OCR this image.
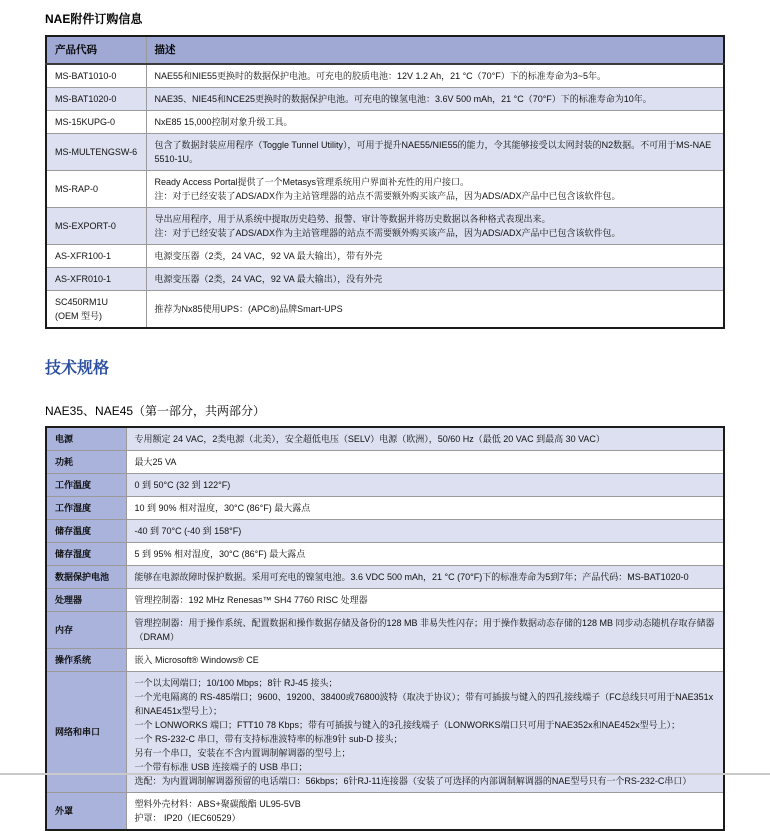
NAE附件订购信息
产品代码	描述
MS-BAT1010-0	NAE55和NIE55更换时的数据保护电池。可充电的胶质电池：12V 1.2 Ah，21 °C（70°F）下的标准寿命为3~5年。

MS-BAT1020-0	NAE35、NIE45和NCE25更换时的数据保护电池。可充电的镍氢电池：3.6V 500 mAh，21 °C（70°F）下的标准寿命为10年。

MS-15KUPG-0	NxE85 15,000控制对象升级工具。

MS-MULTENGSW-6	包含了数据封装应用程序（Toggle Tunnel Utility），可用于提升NAE55/NIE55的能力，令其能够接受以太网封装的N2数据。不可用于MS-NAE5510-1U。

MS-RAP-0	Ready Access Portal提供了一个Metasys管理系统用户界面补充性的用户接口。
注：对于已经安装了ADS/ADX作为主站管理器的站点不需要额外购买该产品，因为ADS/ADX产品中已包含该软件包。

MS-EXPORT-0	导出应用程序，用于从系统中提取历史趋势、报警、审计等数据并将历史数据以各种格式表现出来。
注：对于已经安装了ADS/ADX作为主站管理器的站点不需要额外购买该产品，因为ADS/ADX产品中已包含该软件包。

AS-XFR100-1	电源变压器（2类，24 VAC，92 VA 最大输出），带有外壳

AS-XFR010-1	电源变压器（2类，24 VAC，92 VA 最大输出），没有外壳

SC450RM1U
(OEM 型号)	推荐为Nx85使用UPS：(APC®)品牌Smart-UPS
技术规格
NAE35、NAE45（第一部分，共两部分）
电源	专用额定 24 VAC，2类电源（北美），安全超低电压（SELV）电源（欧洲），50/60 Hz（最低 20 VAC 到最高 30 VAC）

功耗	最大25 VA

工作温度	0 到 50°C (32 到 122°F)

工作湿度	10 到 90% 相对湿度，30°C (86°F) 最大露点

储存温度	-40 到 70°C (-40 到 158°F)

储存湿度	5 到 95% 相对湿度，30°C (86°F) 最大露点

数据保护电池	能够在电源故障时保护数据。采用可充电的镍氢电池。3.6 VDC 500 mAh，21 °C (70°F)下的标准寿命为5到7年；产品代码：MS-BAT1020-0

处理器	管理控制器：192 MHz Renesas™ SH4 7760 RISC 处理器

内存	管理控制器：用于操作系统、配置数据和操作数据存储及备份的128 MB 非易失性闪存；用于操作数据动态存储的128 MB 同步动态随机存取存储器（DRAM）

操作系统	嵌入 Microsoft® Windows® CE

网络和串口	
一个以太网端口；10/100 Mbps；8针 RJ-45 接头；
一个光电隔离的 RS-485端口；9600、19200、38400或76800波特（取决于协议）；带有可插拔与键入的四孔接线端子（FC总线只可用于NAE351x和NAE451x型号上）；
一个 LONWORKS 端口；FTT10 78 Kbps；带有可插拔与键入的3孔接线端子（LONWORKS端口只可用于NAE352x和NAE452x型号上）；
一个 RS-232-C 串口，带有支持标准波特率的标准9针 sub-D 接头；
另有一个串口，安装在不含内置调制解调器的型号上；
一个带有标准 USB 连接端子的 USB 串口；
选配：为内置调制解调器预留的电话端口：56kbps；6针RJ-11连接器（安装了可选择的内部调制解调器的NAE型号只有一个RS-232-C串口）

外罩	塑料外壳材料：ABS+聚碳酸酯 UL95-5VB
护罩： IP20（IEC60529）
